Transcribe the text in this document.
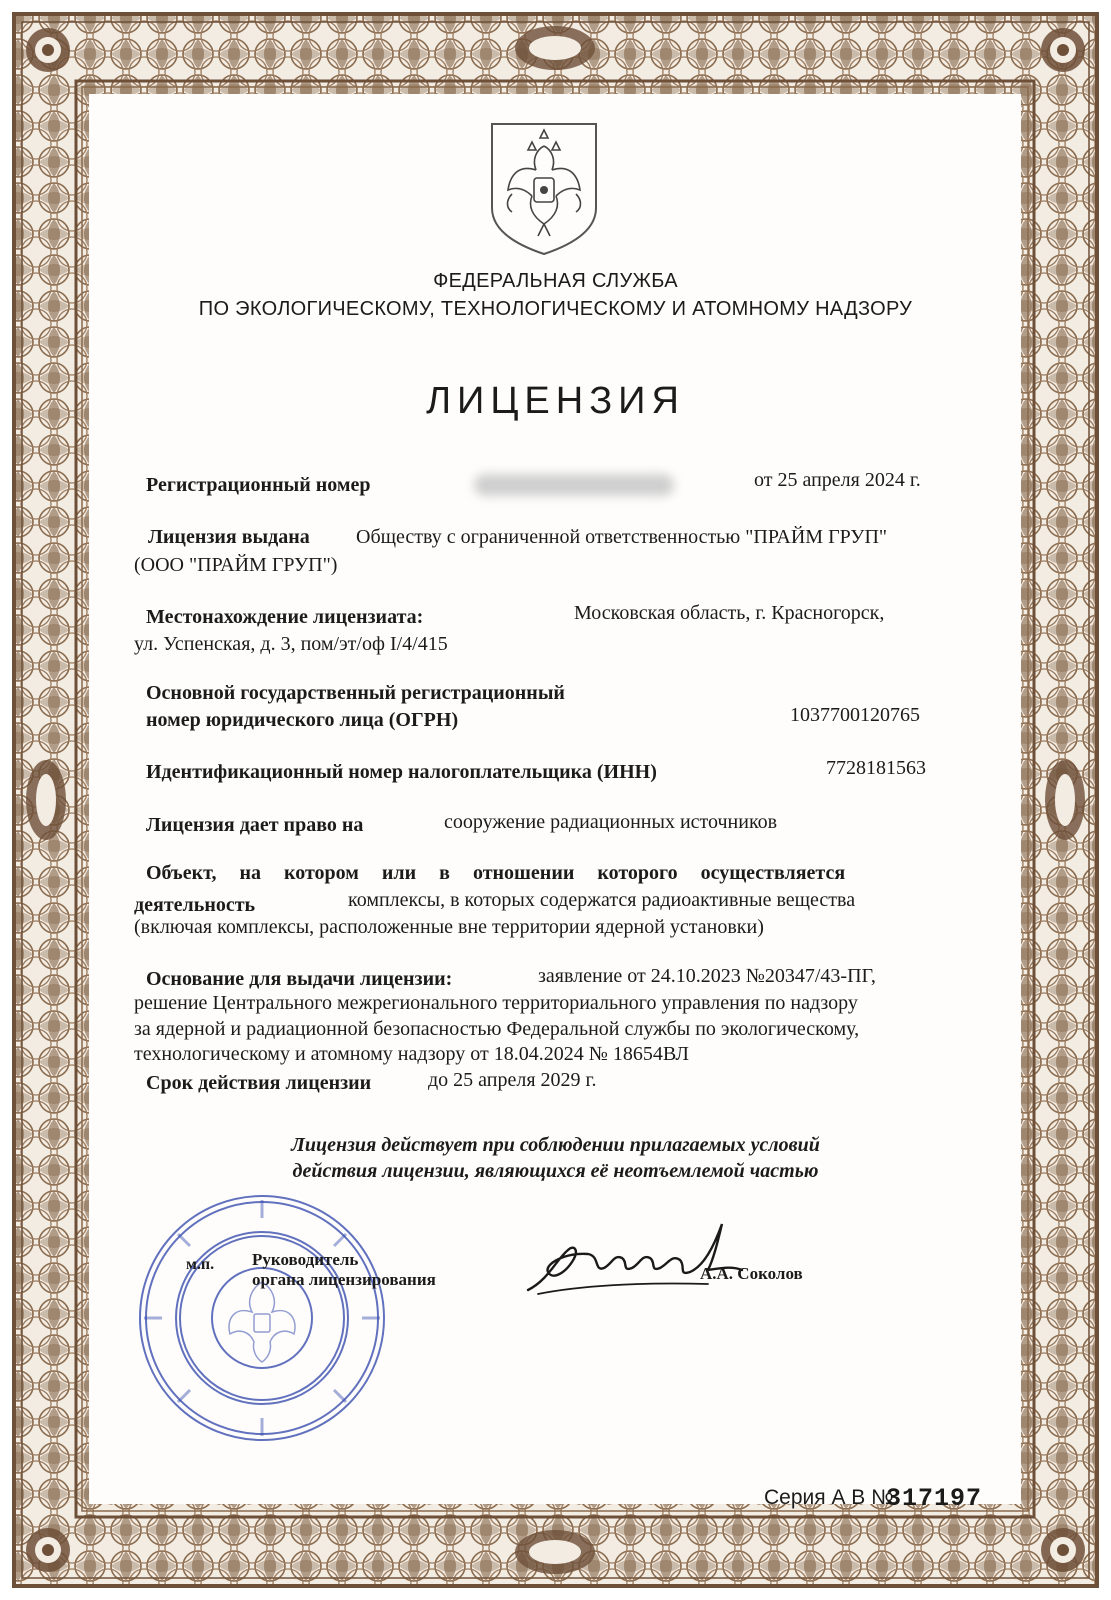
ФЕДЕРАЛЬНАЯ СЛУЖБА
ПО ЭКОЛОГИЧЕСКОМУ, ТЕХНОЛОГИЧЕСКОМУ И АТОМНОМУ НАДЗОРУ
ЛИЦЕНЗИЯ
Регистрационный номер	от 25 апреля 2024 г.
Лицензия выдана Обществу с ограниченной ответственностью "ПРАЙМ ГРУП"
(ООО "ПРАЙМ ГРУП")
Местонахождение лицензиата:	Московская область, г. Красногорск,
ул. Успенская, д. 3, пом/эт/оф I/4/415
Основной государственный регистрационный
номер юридического лица (ОГРН)	1037700120765
Идентификационный номер налогоплательщика (ИНН)	7728181563
Лицензия дает право на	сооружение радиационных источников
Объект, на котором или в отношении которого осуществляется
деятельность	комплексы, в которых содержатся радиоактивные вещества
(включая комплексы, расположенные вне территории ядерной установки)
Основание для выдачи лицензии:	заявление от 24.10.2023 №20347/43-ПГ,
решение Центрального межрегионального территориального управления по надзору
за ядерной и радиационной безопасностью Федеральной службы по экологическому,
технологическому и атомному надзору от 18.04.2024 № 18654ВЛ
Срок действия лицензии	до 25 апреля 2029 г.
Лицензия действует при соблюдении прилагаемых условий
действия лицензии, являющихся её неотъемлемой частью
м.п. Руководитель
органа лицензирования	А.А. Соколов
Серия А В №
317197
